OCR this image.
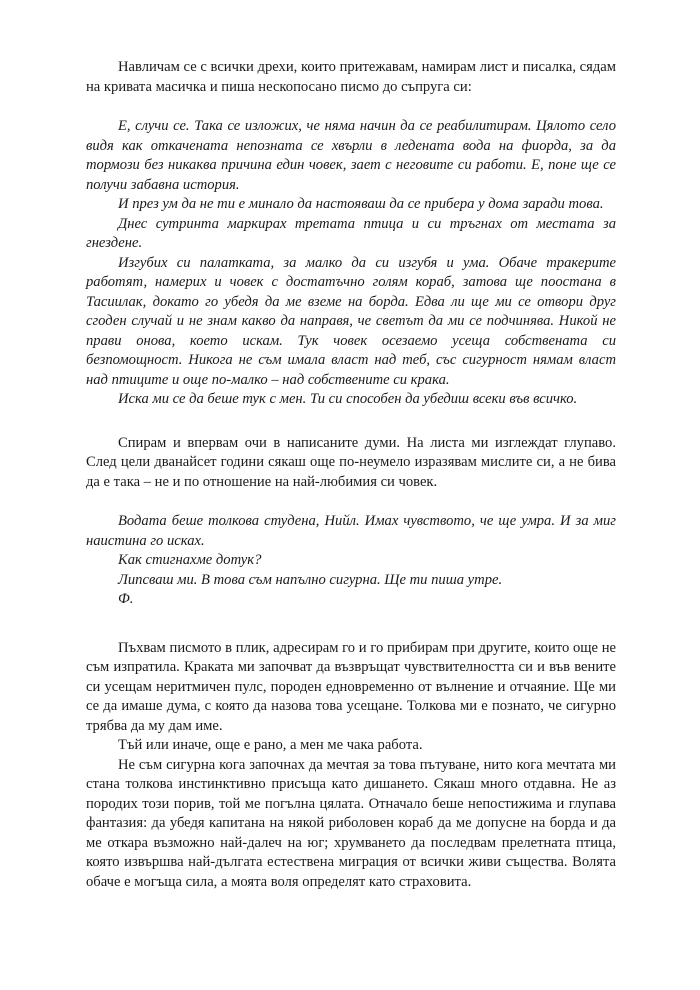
Навличам се с всички дрехи, които притежавам, намирам лист и писалка, сядам на кривата масичка и пиша нескопосано писмо до съпруга си:

Е, случи се. Така се изложих, че няма начин да се реабилитирам. Цялото село видя как откачената непозната се хвърли в ледената вода на фиорда, за да тормози без никаква причина един човек, зает с неговите си работи. Е, поне ще се получи забавна история.

И през ум да не ти е минало да настояваш да се прибера у дома заради това.

Днес сутринта маркирах третата птица и си тръгнах от местата за гнездене.

Изгубих си палатката, за малко да си изгубя и ума. Обаче тракерите работят, намерих и човек с достатъчно голям кораб, затова ще поостана в Тасиилак, докато го убедя да ме вземе на борда. Едва ли ще ми се отвори друг сгоден случай и не знам какво да направя, че светът да ми се подчинява. Никой не прави онова, което искам. Тук човек осезаемо усеща собствената си безпомощност. Никога не съм имала власт над теб, със сигурност нямам власт над птиците и още по-малко – над собствените си крака.

Иска ми се да беше тук с мен. Ти си способен да убедиш всеки във всичко.

Спирам и впервам очи в написаните думи. На листа ми изглеждат глупаво. След цели дванайсет години сякаш още по-неумело изразявам мислите си, а не бива да е така – не и по отношение на най-любимия си човек.

Водата беше толкова студена, Нийл. Имах чувството, че ще умра. И за миг наистина го исках.

Как стигнахме дотук?

Липсваш ми. В това съм напълно сигурна. Ще ти пиша утре.

Ф.

Пъхвам писмото в плик, адресирам го и го прибирам при другите, които още не съм изпратила. Краката ми започват да възвръщат чувствителността си и във вените си усещам неритмичен пулс, породен едновременно от вълнение и отчаяние. Ще ми се да имаше дума, с която да назова това усещане. Толкова ми е познато, че сигурно трябва да му дам име.

Тъй или иначе, още е рано, а мен ме чака работа.

Не съм сигурна кога започнах да мечтая за това пътуване, нито кога мечтата ми стана толкова инстинктивно присъща като дишането. Сякаш много отдавна. Не аз породих този порив, той ме погълна цялата. Отначало беше непостижима и глупава фантазия: да убедя капитана на някой риболовен кораб да ме допусне на борда и да ме откара възможно най-далеч на юг; хрумването да последвам прелетната птица, която извършва най-дългата естествена миграция от всички живи същества. Волята обаче е могъща сила, а моята воля определят като страховита.
